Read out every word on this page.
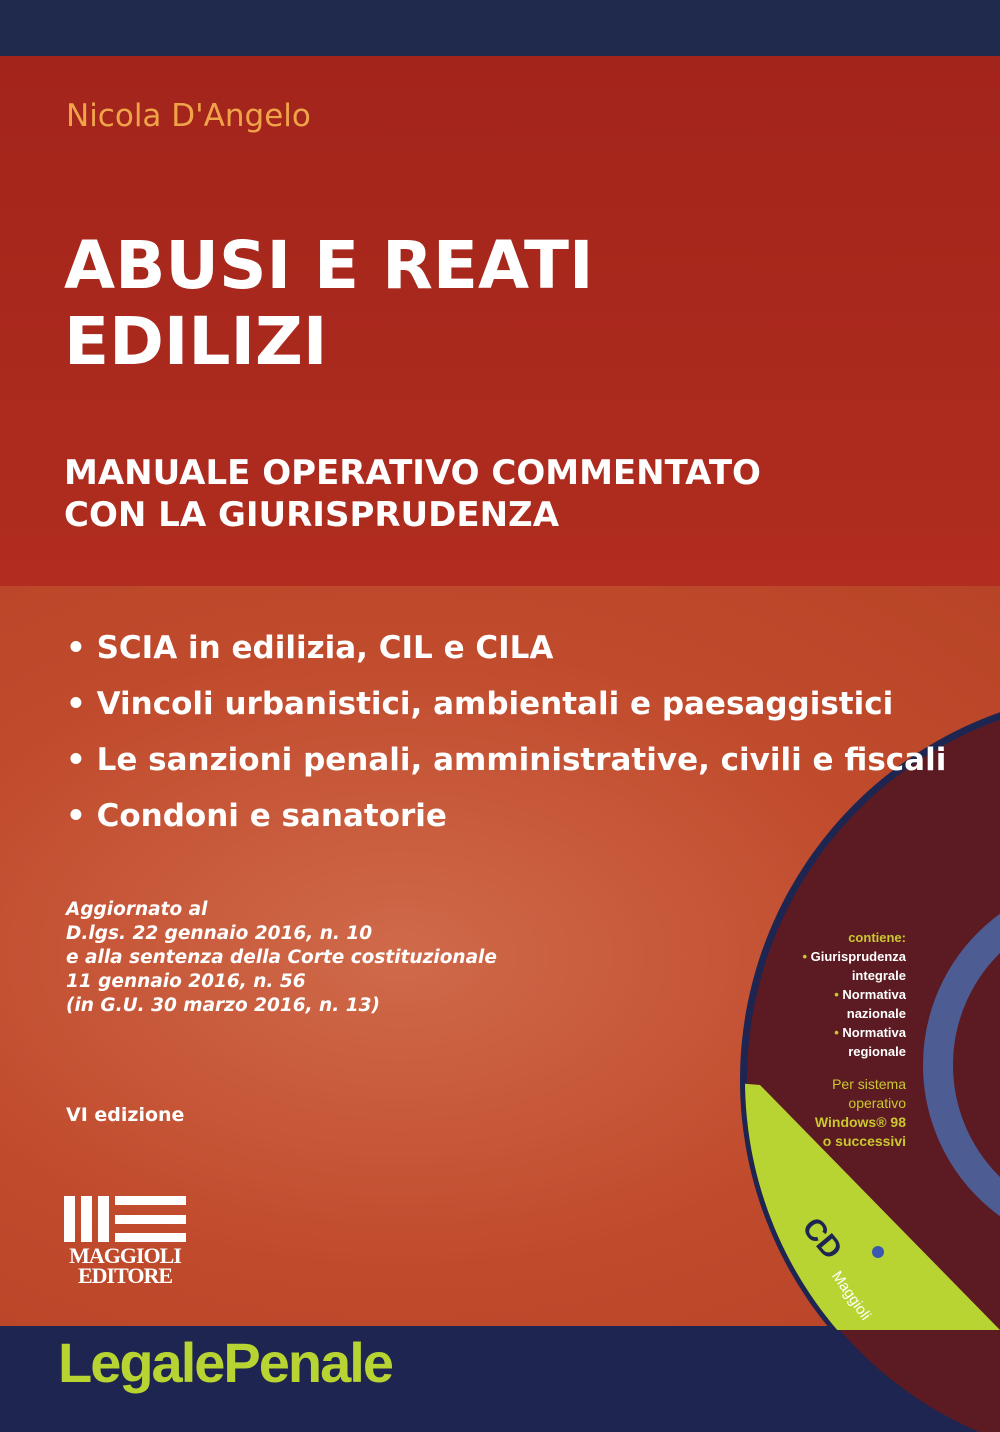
CD
Maggioli
contiene:
• Giurisprudenza
integrale
• Normativa
nazionale
• Normativa
regionale
Per sistema
operativo
Windows® 98
o successivi
Nicola D'Angelo
ABUSI E REATI
EDILIZI
MANUALE OPERATIVO COMMENTATO
CON LA GIURISPRUDENZA
• SCIA in edilizia, CIL e CILA
• Vincoli urbanistici, ambientali e paesaggistici
• Le sanzioni penali, amministrative, civili e fiscali
• Condoni e sanatorie
Aggiornato al
D.lgs. 22 gennaio 2016, n. 10
e alla sentenza della Corte costituzionale
11 gennaio 2016, n. 56
(in G.U. 30 marzo 2016, n. 13)
VI edizione
MAGGIOLI
EDITORE
LegalePenale
